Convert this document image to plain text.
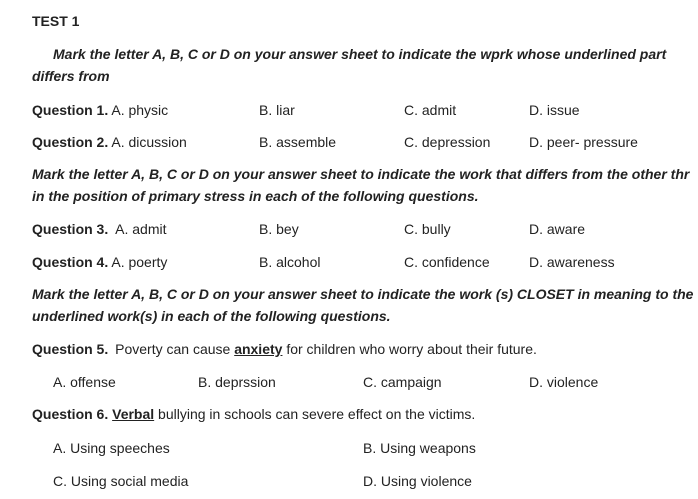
TEST 1
Mark the letter A, B, C or D on your answer sheet to indicate the wprk whose underlined part
differs from
Question 1. A. physic	B. liar	C. admit	D. issue
Question 2. A. dicussion	B. assemble	C. depression	D. peer- pressure
Mark the letter A, B, C or D on your answer sheet to indicate the work that differs from the other thr
in the position of primary stress in each of the following questions.
Question 3. A. admit	B. bey	C. bully	D. aware
Question 4. A. poerty	B. alcohol	C. confidence	D. awareness
Mark the letter A, B, C or D on your answer sheet to indicate the work (s) CLOSET in meaning to the
underlined work(s) in each of the following questions.
Question 5. Poverty can cause anxiety for children who worry about their future.
A. offense	B. deprssion	C. campaign	D. violence
Question 6. Verbal bullying in schools can severe effect on the victims.
A. Using speeches	B. Using weapons
C. Using social media	D. Using violence
